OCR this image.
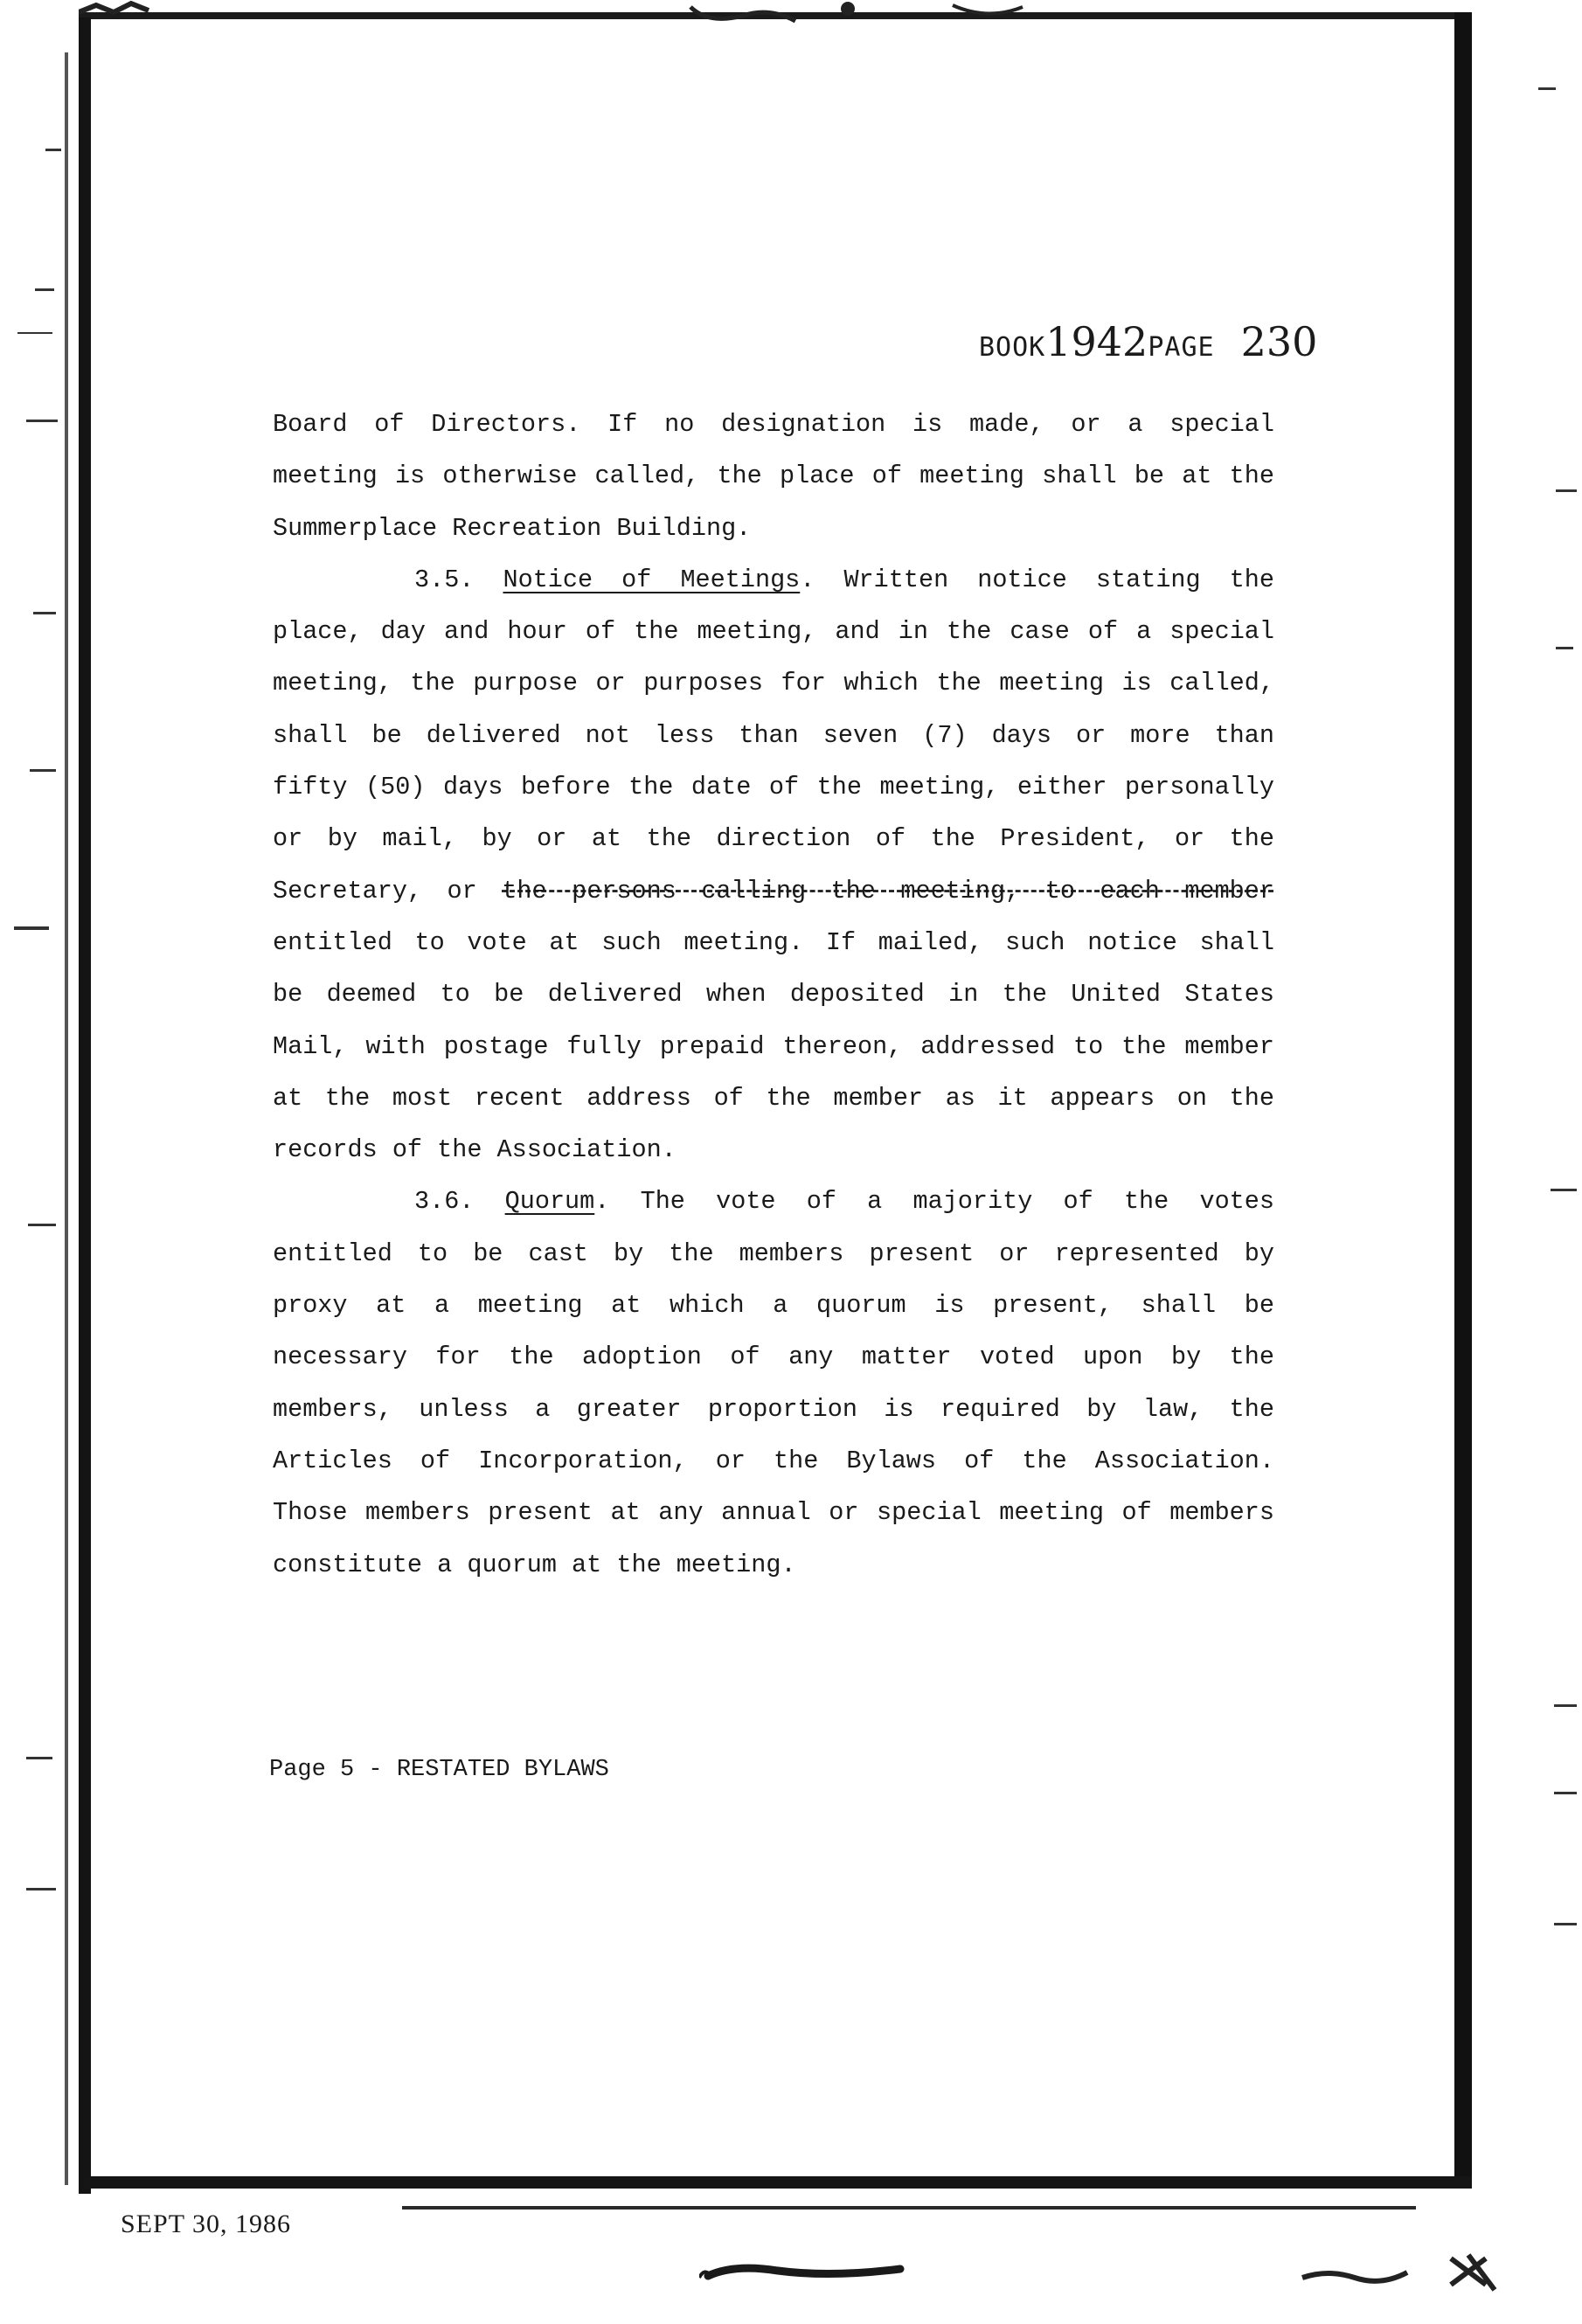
BOOK 1942 PAGE 230
Board of Directors. If no designation is made, or a special
meeting is otherwise called, the place of meeting shall be at the
Summerplace Recreation Building.
3.5. Notice of Meetings. Written notice stating the
place, day and hour of the meeting, and in the case of a special
meeting, the purpose or purposes for which the meeting is called,
shall be delivered not less than seven (7) days or more than
fifty (50) days before the date of the meeting, either personally
or by mail, by or at the direction of the President, or the
Secretary, or the persons calling the meeting, to each member
entitled to vote at such meeting. If mailed, such notice shall
be deemed to be delivered when deposited in the United States
Mail, with postage fully prepaid thereon, addressed to the member
at the most recent address of the member as it appears on the
records of the Association.
3.6. Quorum. The vote of a majority of the votes
entitled to be cast by the members present or represented by
proxy at a meeting at which a quorum is present, shall be
necessary for the adoption of any matter voted upon by the
members, unless a greater proportion is required by law, the
Articles of Incorporation, or the Bylaws of the Association.
Those members present at any annual or special meeting of members
constitute a quorum at the meeting.
Page 5 - RESTATED BYLAWS
SEPT 30, 1986
